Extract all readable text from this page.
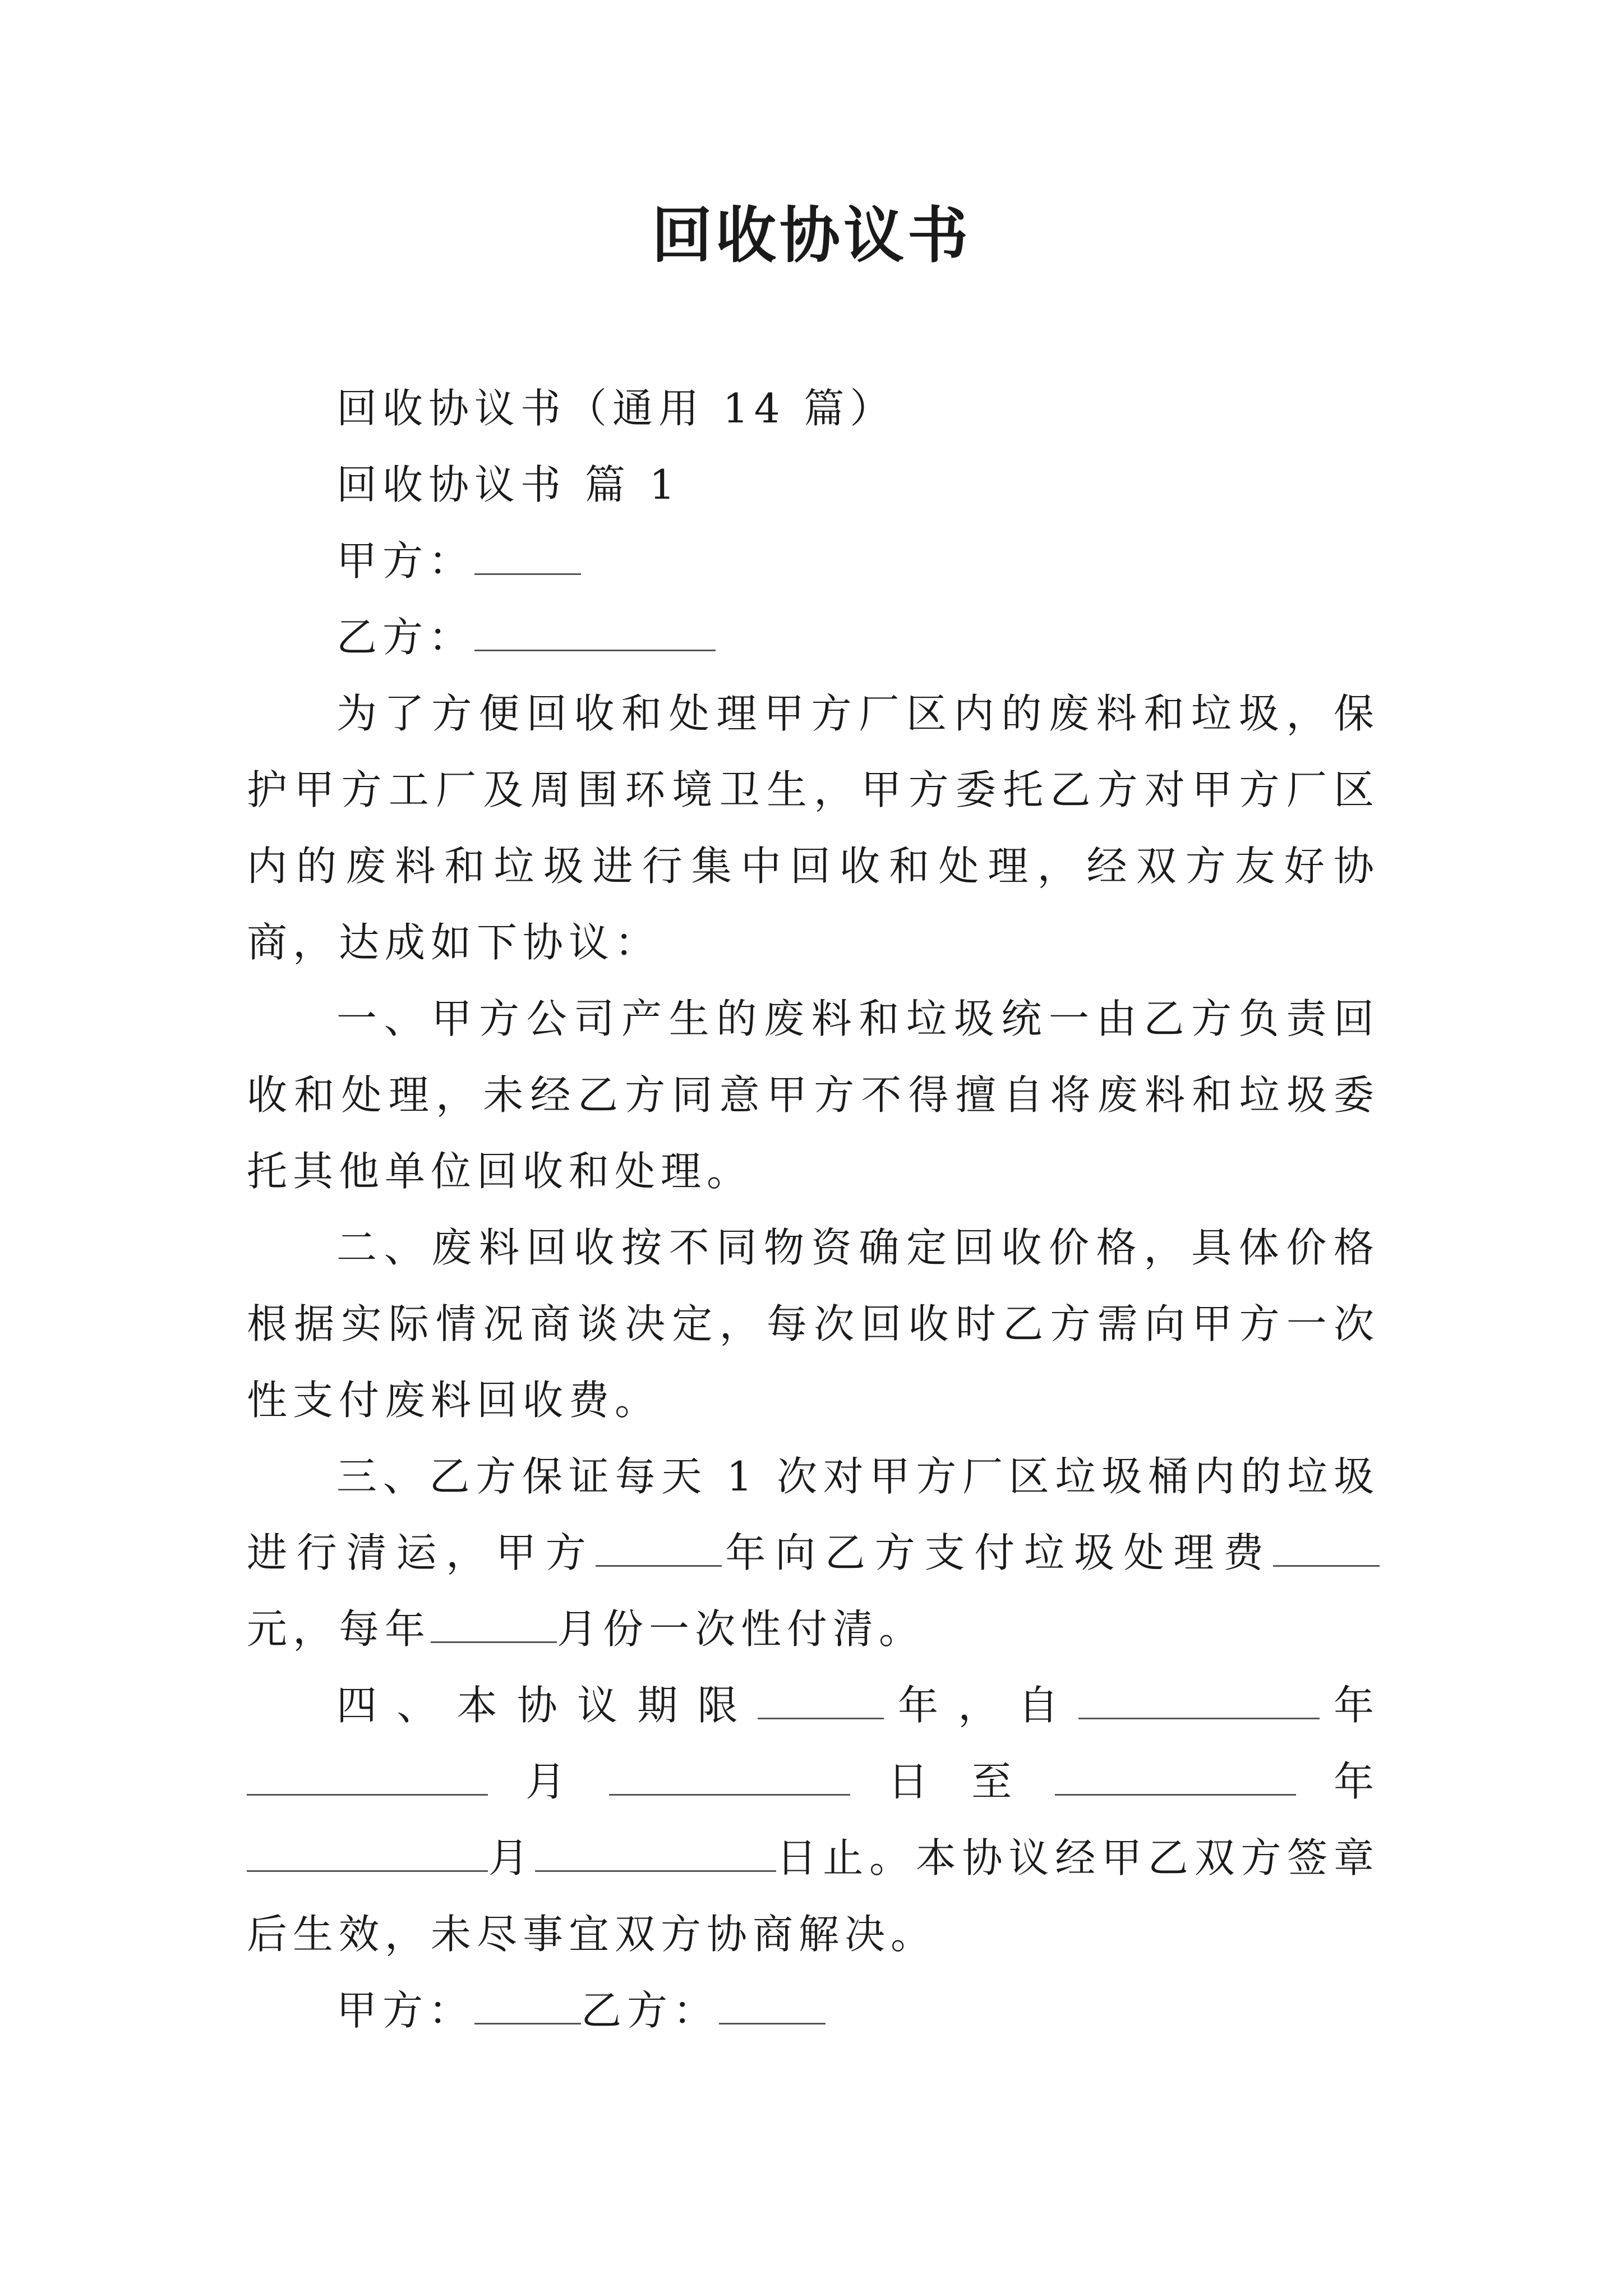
回收协议书

回收协议书（通用 14 篇）

回收协议书 篇 1

甲方：

乙方：

为了方便回收和处理甲方厂区内的废料和垃圾，保护甲方工厂及周围环境卫生，甲方委托乙方对甲方厂区内的废料和垃圾进行集中回收和处理，经双方友好协商，达成如下协议：

一、甲方公司产生的废料和垃圾统一由乙方负责回收和处理，未经乙方同意甲方不得擅自将废料和垃圾委托其他单位回收和处理。

二、废料回收按不同物资确定回收价格，具体价格根据实际情况商谈决定，每次回收时乙方需向甲方一次性支付废料回收费。

三、乙方保证每天 1 次对甲方厂区垃圾桶内的垃圾进行清运，甲方	年向乙方支付垃圾处理费元，每年	月份一次性付清。

四、本协议期限	年，自	年月	日至	年月	日止。本协议经甲乙双方签章后生效，未尽事宜双方协商解决。

甲方：	乙方：
